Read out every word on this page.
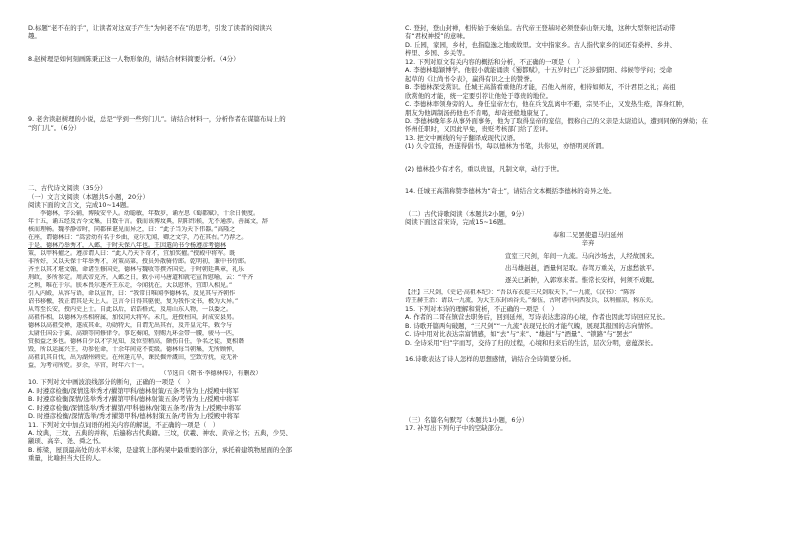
D.标题“老不在的手”，让读者对这双手产生“为何老不在”的思考，引发了读者的阅读兴
趣。
8.赵树理是如何刻画陈秉正这一人物形象的，请结合材料简要分析。（4分）
9. 老舍读赵树理的小说，总是“学到一些窍门儿”。请结合材料一，分析作者在谋篇布局上的
“窍门儿”。（6分）
二、古代诗文阅读（35分）
（一）文言文阅读（本题共5小题，20分）
阅读下面的文言文，完成10~14题。
李德林，字公辅，博陵安平人。幼聪敏，年数岁，诵左思《蜀都赋》，十余日便度。
年十五，诵五经及古今文集，日数千言。俄而该博坟典，阴阳纬候，无不通涉。善属文，辞
核而理畅。魏孝静帝时，同郡崔谌见而异之，曰：“此子当为天下伟器。”高隆之
在座，谓德林曰：“嵩尝幼有名于乡曲，竟尔无闻，卿之文学，乃在其右。”乃荐之。
于是，德林乃举秀才，入邺，于时天保八年也。王因遣尚书令杨遵彦考德林
策，以甲科擢之。遵彦谓人曰：“此人乃天下奇才，宜加奖擢。”授殿中将军。既
非所好，又以天保十年举秀才，对策高第，授员外散骑侍郎。乾明初，兼中书侍郎。
齐主以其才堪文翰，命诸生修国史，德林与魏收等撰齐国史。于时朝廷典章，礼乐
刑政，多所参定。周武帝克齐，入邺之日，敕小司马唐道和就宅宣旨慰喻，云：“平齐
之利，唯在于尔。朕本畏尔逐齐王东走，今闻犹在，大以慰怀，宜即入相见。”
引入内殿，从容与语，命以宣旨，曰：“我常日唯闻李德林名，及见其与齐朝作
诏书移檄，我正谓其是天上人。岂言今日得其驱使，复为我作文书，极为大异。”
从驾至长安，授内史上士。自此以后，诏诰格式，及用山东人物，一以委之。
高祖作相，以德林为丞相府属，加仪同大将军。未几，进授柱国，封成安县男。
德林以高祖受禅，遂成其业，功勋特大，自谓无出其右，及开皇元年，敕令与
太尉任国公于翼、高颎等同修律令。事讫奏闻，别赐九环金带一腰，骏马一匹，
赏损益之多也。德林自少以才学见知，及位望稍高，颇伤自任，争名之徒，更相谮
毁，所以运属兴王，功参佐命，十余年间竟不徙级。德林每当朝集，无所顾惮，
高祖讥其自伐，出为湖州刺史。在州逢亢旱，课民掘井溉田，空致劳扰，竟无补
益，为考司所贬。岁余，卒官，时年六十一。
（节选自《隋书·李德林传》，有删改）
10. 下列对文中画波浪线部分的断句，正确的一项是（　）
A. 时遵彦检衡/深情选举秀才/擢第甲科/德林射策/五条考皆为上/授殿中将军
B. 时遵彦检衡深情/选举秀才/擢第甲科/德林射策五条/考皆为上/授殿中将军
C. 时遵彦检衡/深情选举/秀才擢第/甲科德林/射策五条考/皆为上/授殿中将军
D. 时遵彦检衡/深情选举/秀才擢第甲科/德林射策五条/考皆为上/授殿中将军
11. 下列对文中加点词语的相关内容的解说，不正确的一项是（　）
A. 坟典，三坟、五典的并称，后遍称古代典籍。三坟，伏羲、神农、黄帝之书；五典，少昊、
颛顼、高辛、尧、舜之书。
B. 栋梁，屋顶最高处的水平木梁，是建筑上部构架中最重要的部分，承托着建筑物屋面的全部
重量，比喻担当大任的人。
C. 登封，登山封禅，相传始于秦始皇。古代帝王登基时必须登泰山祭天地，这种大型祭祀活动带
有“君权神授”的意味。
D. 丘园，家园，乡村，也指隐逸之地或故里。文中指家乡。古人指代家乡的词还有桑梓、乡井、
梓里、乡国、乡关等。
12. 下列对原文有关内容的概括和分析，不正确的一项是（　）
A. 李德林聪颖博学。他很小就能诵读《蜀都赋》，十五岁时已广泛涉猎阴阳、纬候等学问；受命
起草的《让尚书令表》，赢得有识之士的赞誉。
B. 李德林深受赏识。任城王高湝看重他的才能，召他入州府，相待如师友，不计君臣之礼；高祖
欣赏他的才能，统一定要引荐让他处于尊贵的地位。
C. 李德林率领身旁的人。身任皇帝左右，他在兵戈乱离中不避，宗吴不止，又发热生疮，浑身红肿，
朋友为他调制汤药他也不肯喝，却奇迹般地康复了。
D. 李德林晚年多从事外面事务，他为了取得皇帝的宠信，假称自己的父亲是太尉追认，遭到同僚的弹劾；在
怀州任职时，又因此早免，贵贬考核部门给了差评。
13. 把文中画线的句子翻译成现代汉语。
(1) 久令宣扬，吾遂得倡书，每以德林为书笔，共你见，亦悟明灵所谓。
(2) 德林投少有才名，重以贵显，凡制文章，动行于世。
14. 任城王高湝称赞李德林为“奇士”，请结合文本概括李德林的奇异之处。
（二）古代诗歌阅读（本题共2小题，9分）
阅读下面这首宋诗，完成15~16题。
奉和二兄罢使遣马归延州
辛弃
宣室三尺剑，年间一九流。马向沙场去，人经故国来。
出马雄赳赳，酒量何足取。春驾万重关，万虑愁欲平。
逐关已新肿，入郭寒来者。惟常长安样，何须不成眠。
【注】三尺剑，《史记·高祖本纪》：“吾以布衣提三尺剑取天下。”一九流，《汉书》：“陈容
诗王赫王治：请以一九流，为大王东封函谷关。”秦伍，古时诸中向西发兵，以利擅凉，称东关。
15. 下列对本诗的理解和赏析，不正确的一项是（　）
A. 作者的二哥在镇营去职务后，回到延州，写诗表达悲凉的心境，作者也因此写诗回应兄长。
B. 诗歌开篇两句破题，“三尺剑”“一九流”表现兄长的才能气魄，展现其报国的志向情怀。
C. 诗中用对比表达宗富情感，如“去”与“来”、“雄赳”与“酒量”、“锁路”与“罢去”
D. 全诗采用“归”字而写，交待了归的过程，心境和归来后的生活，层次分明，意蕴深长。
16.诗歌表达了诗人怎样的思想感情，请结合全诗简要分析。
（三）名篇名句默写（本题共1小题，6分）
17. 补写出下列句子中的空缺部分。
